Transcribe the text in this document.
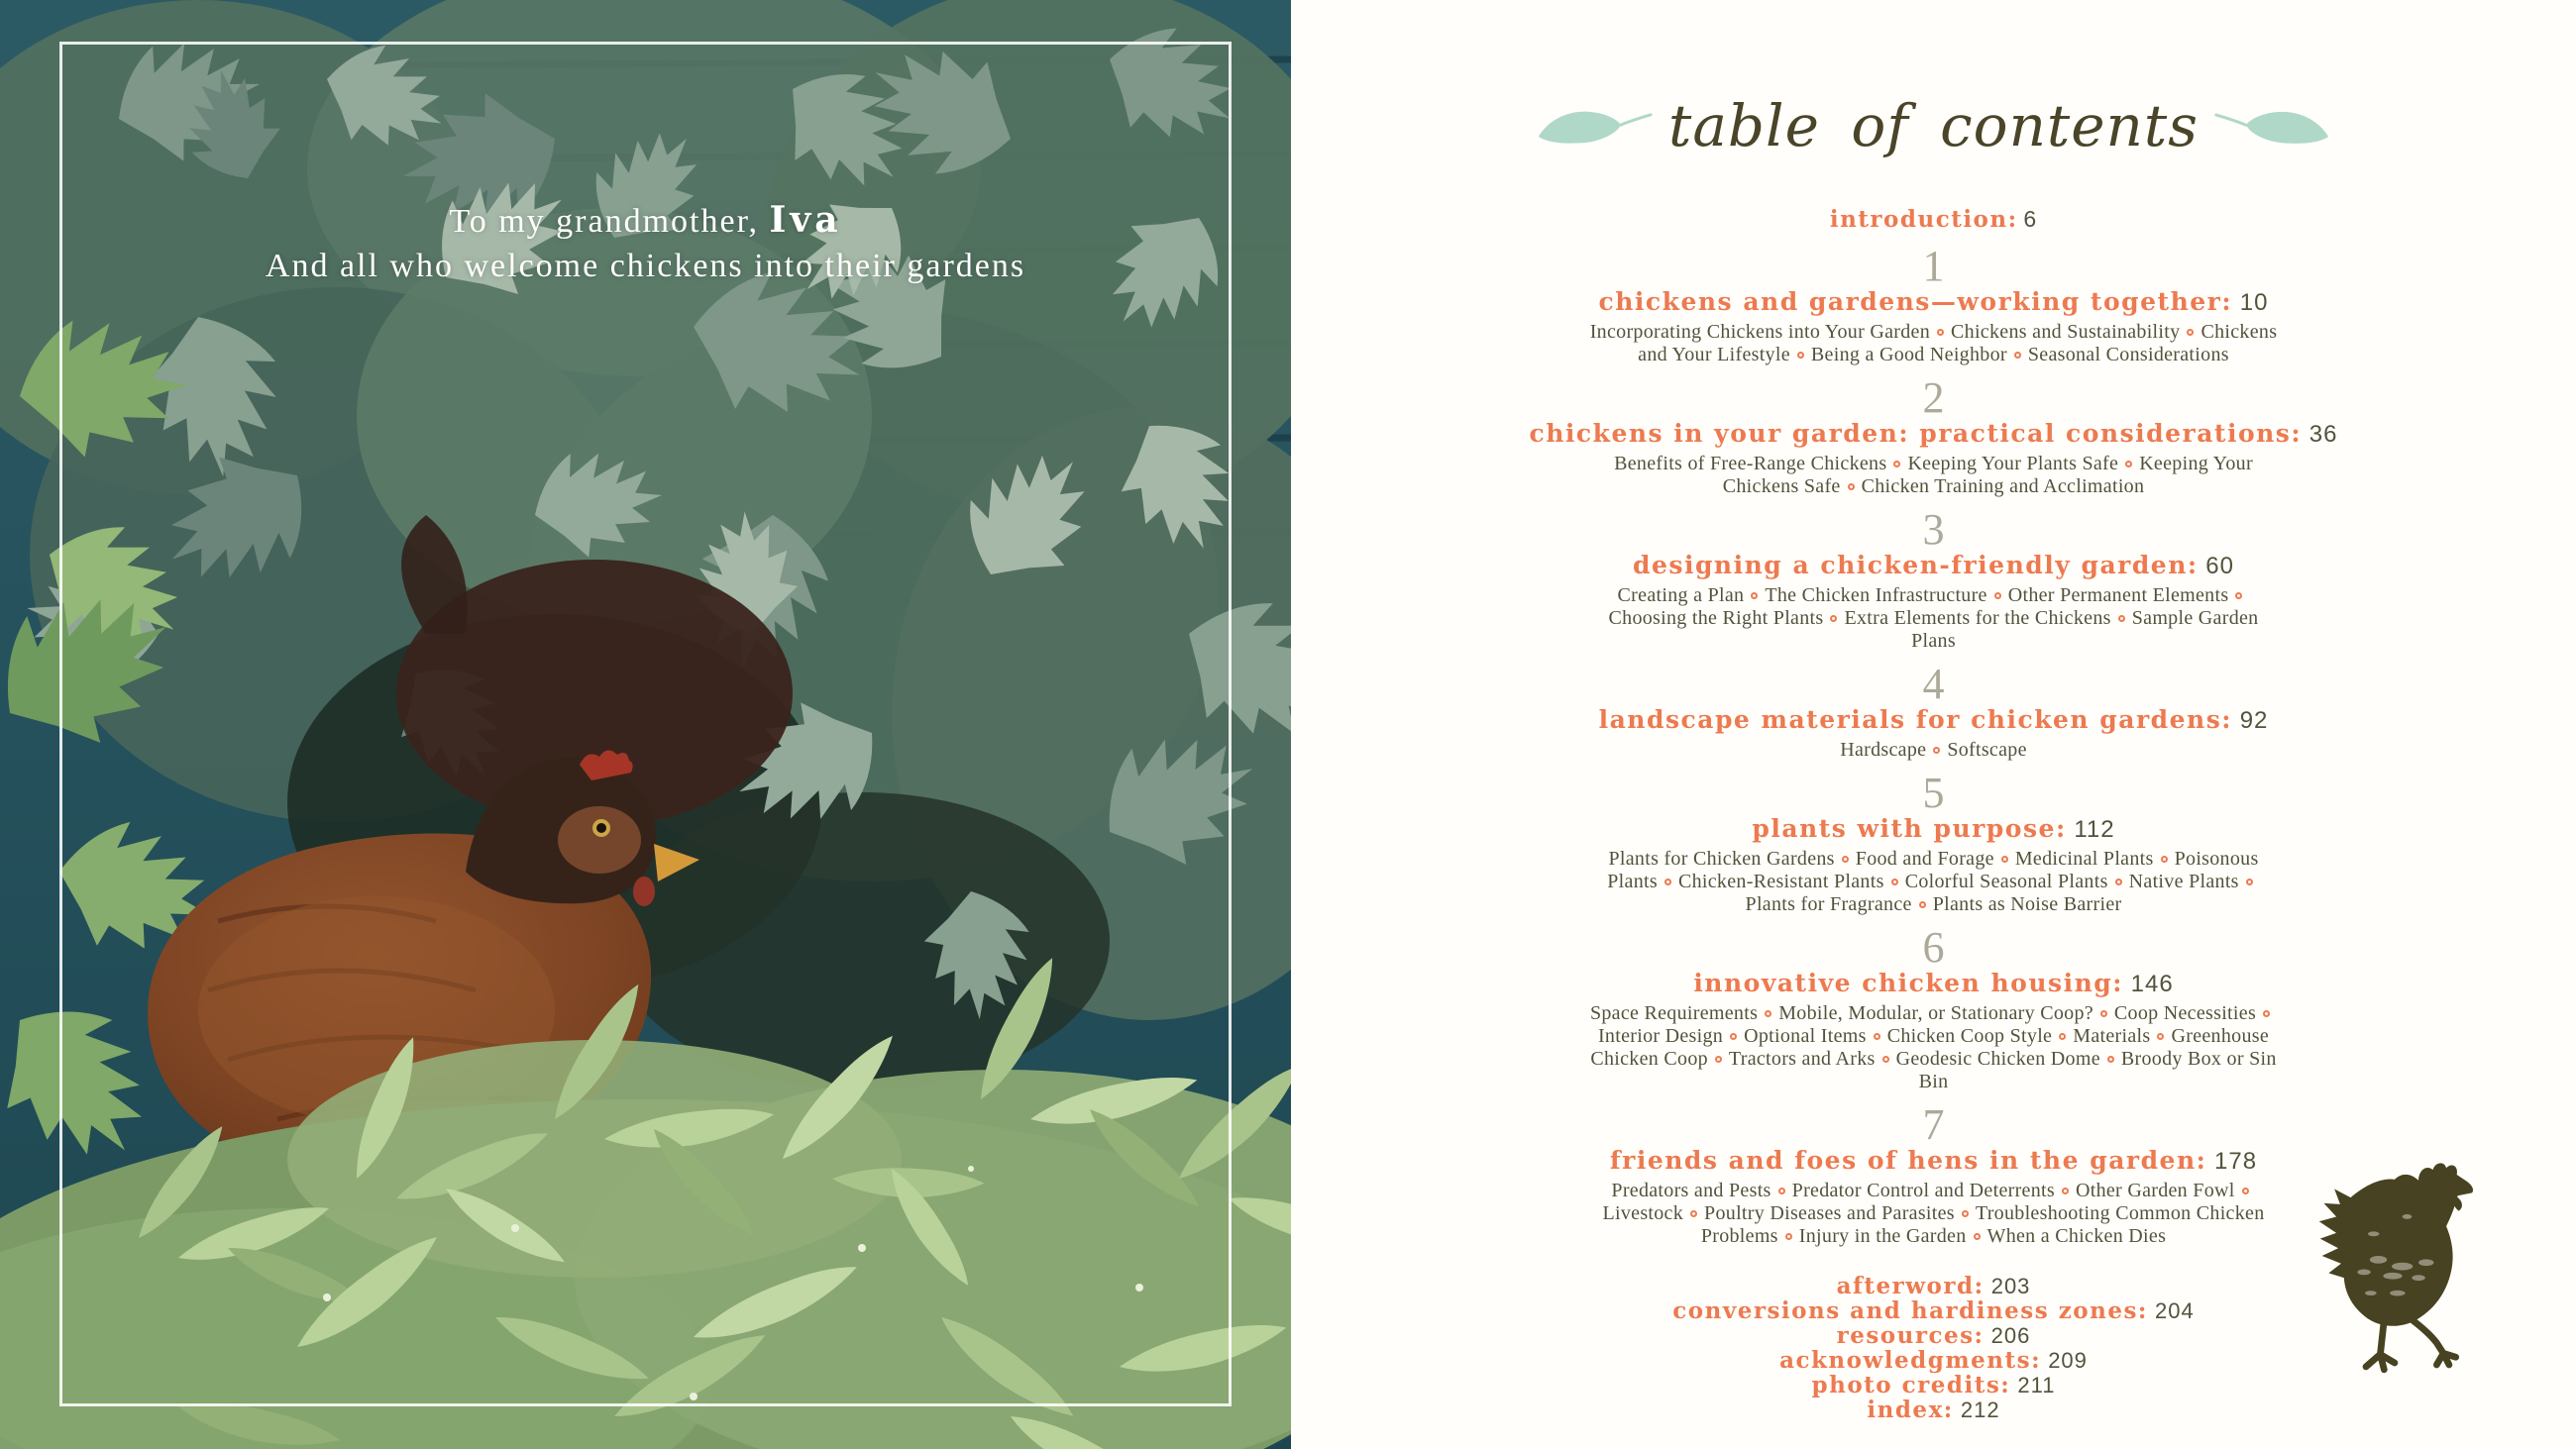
To my grandmother, Iva
And all who welcome chickens into their gardens
table of contents
introduction: 6
1
chickens and gardens—working together: 10
Incorporating Chickens into Your Garden Chickens and Sustainability Chickens and Your Lifestyle Being a Good Neighbor Seasonal Considerations
2
chickens in your garden: practical considerations: 36
Benefits of Free-Range Chickens Keeping Your Plants Safe Keeping Your Chickens Safe Chicken Training and Acclimation
3
designing a chicken-friendly garden: 60
Creating a Plan The Chicken Infrastructure Other Permanent ElementsChoosing the Right Plants Extra Elements for the Chickens Sample Garden Plans
4
landscape materials for chicken gardens: 92
Hardscape Softscape
5
plants with purpose: 112
Plants for Chicken Gardens Food and Forage Medicinal Plants Poisonous Plants Chicken-Resistant Plants Colorful Seasonal Plants Native PlantsPlants for Fragrance Plants as Noise Barrier
6
innovative chicken housing: 146
Space Requirements Mobile, Modular, or Stationary Coop? Coop NecessitiesInterior Design Optional Items Chicken Coop Style Materials Greenhouse Chicken Coop Tractors and Arks Geodesic Chicken Dome Broody Box or Sin Bin
7
friends and foes of hens in the garden: 178
Predators and Pests Predator Control and Deterrents Other Garden FowlLivestock Poultry Diseases and Parasites Troubleshooting Common Chicken Problems Injury in the Garden When a Chicken Dies
afterword: 203
conversions and hardiness zones: 204
resources: 206
acknowledgments: 209
photo credits: 211
index: 212
